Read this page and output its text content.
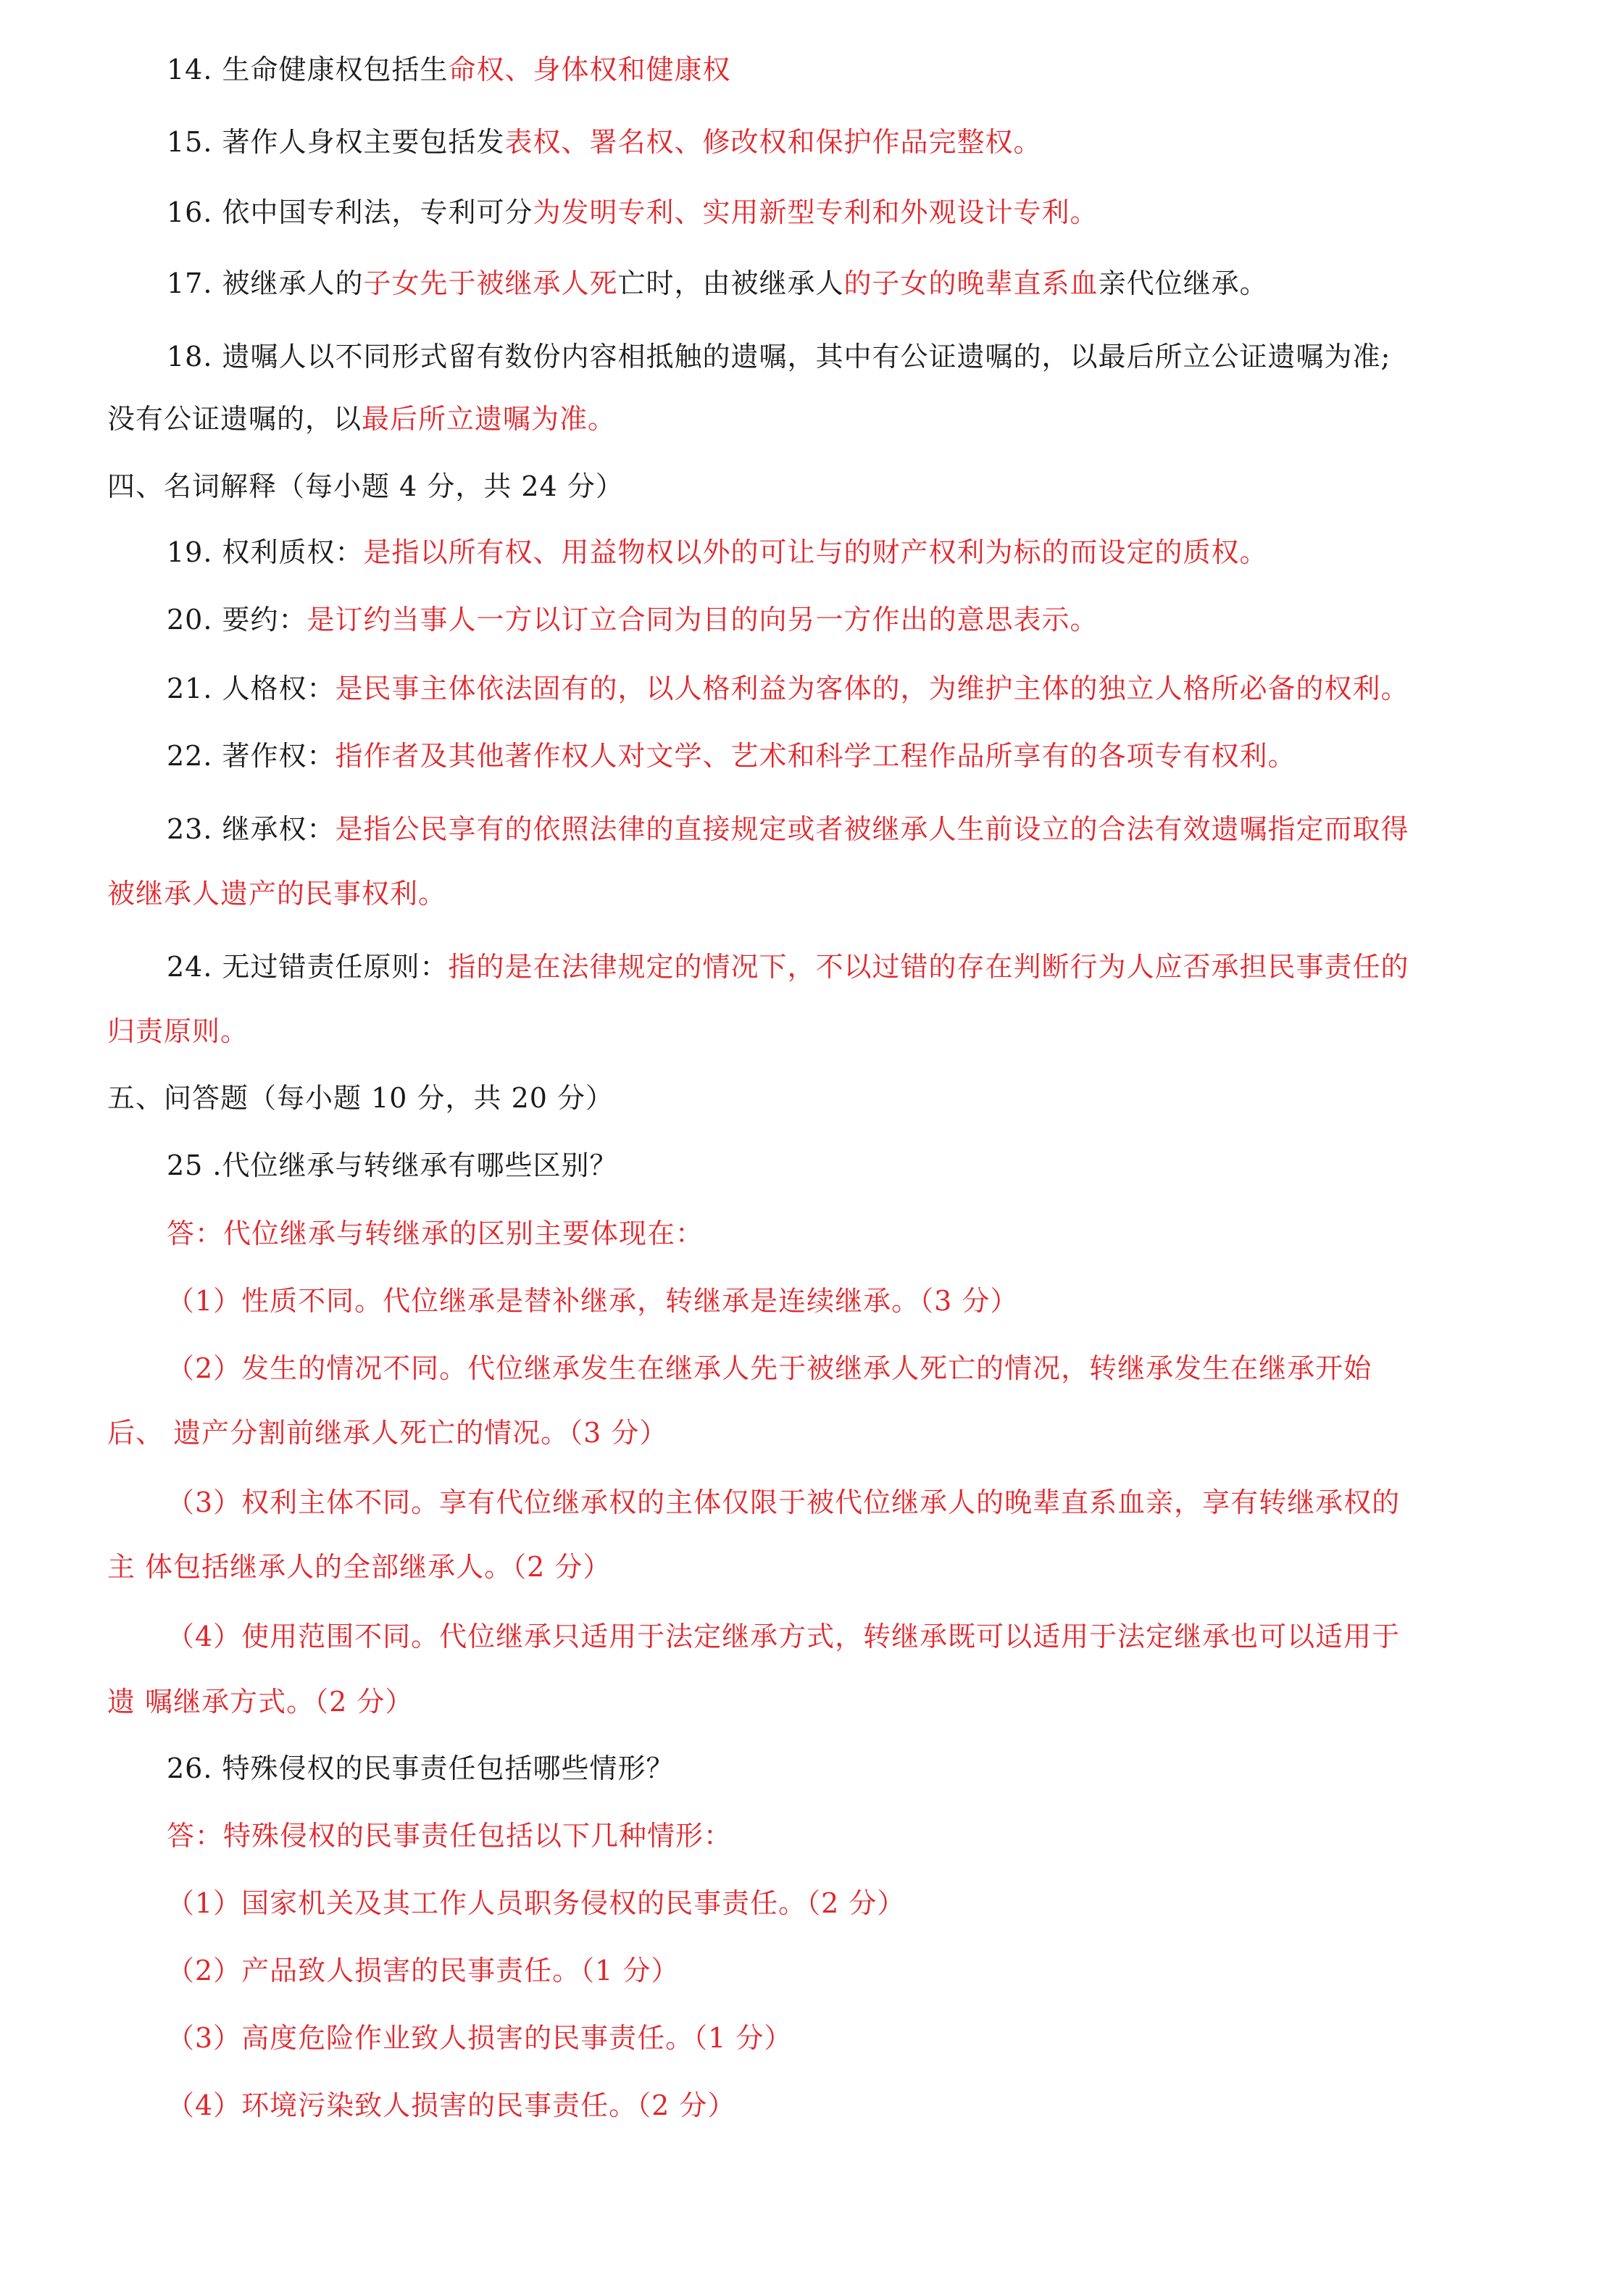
14. 生命健康权包括生命权、身体权和健康权
15. 著作人身权主要包括发表权、署名权、修改权和保护作品完整权。
16. 依中国专利法，专利可分为发明专利、实用新型专利和外观设计专利。
17. 被继承人的子女先于被继承人死亡时，由被继承人的子女的晚辈直系血亲代位继承。
18. 遗嘱人以不同形式留有数份内容相抵触的遗嘱，其中有公证遗嘱的，以最后所立公证遗嘱为准;
没有公证遗嘱的，以最后所立遗嘱为准。
四、名词解释（每小题 4 分，共 24 分）
19. 权利质权：是指以所有权、用益物权以外的可让与的财产权利为标的而设定的质权。
20. 要约：是订约当事人一方以订立合同为目的向另一方作出的意思表示。
21. 人格权：是民事主体依法固有的，以人格利益为客体的，为维护主体的独立人格所必备的权利。
22. 著作权：指作者及其他著作权人对文学、艺术和科学工程作品所享有的各项专有权利。
23. 继承权：是指公民享有的依照法律的直接规定或者被继承人生前设立的合法有效遗嘱指定而取得
被继承人遗产的民事权利。
24. 无过错责任原则：指的是在法律规定的情况下，不以过错的存在判断行为人应否承担民事责任的
归责原则。
五、问答题（每小题 10 分，共 20 分）
25 .代位继承与转继承有哪些区别？
答：代位继承与转继承的区别主要体现在：
（1）性质不同。代位继承是替补继承，转继承是连续继承。（3 分）
（2）发生的情况不同。代位继承发生在继承人先于被继承人死亡的情况，转继承发生在继承开始
后、 遗产分割前继承人死亡的情况。（3 分）
（3）权利主体不同。享有代位继承权的主体仅限于被代位继承人的晚辈直系血亲，享有转继承权的
主 体包括继承人的全部继承人。（2 分）
（4）使用范围不同。代位继承只适用于法定继承方式，转继承既可以适用于法定继承也可以适用于
遗 嘱继承方式。（2 分）
26. 特殊侵权的民事责任包括哪些情形？
答：特殊侵权的民事责任包括以下几种情形：
（1）国家机关及其工作人员职务侵权的民事责任。（2 分）
（2）产品致人损害的民事责任。（1 分）
（3）高度危险作业致人损害的民事责任。（1 分）
（4）环境污染致人损害的民事责任。（2 分）
